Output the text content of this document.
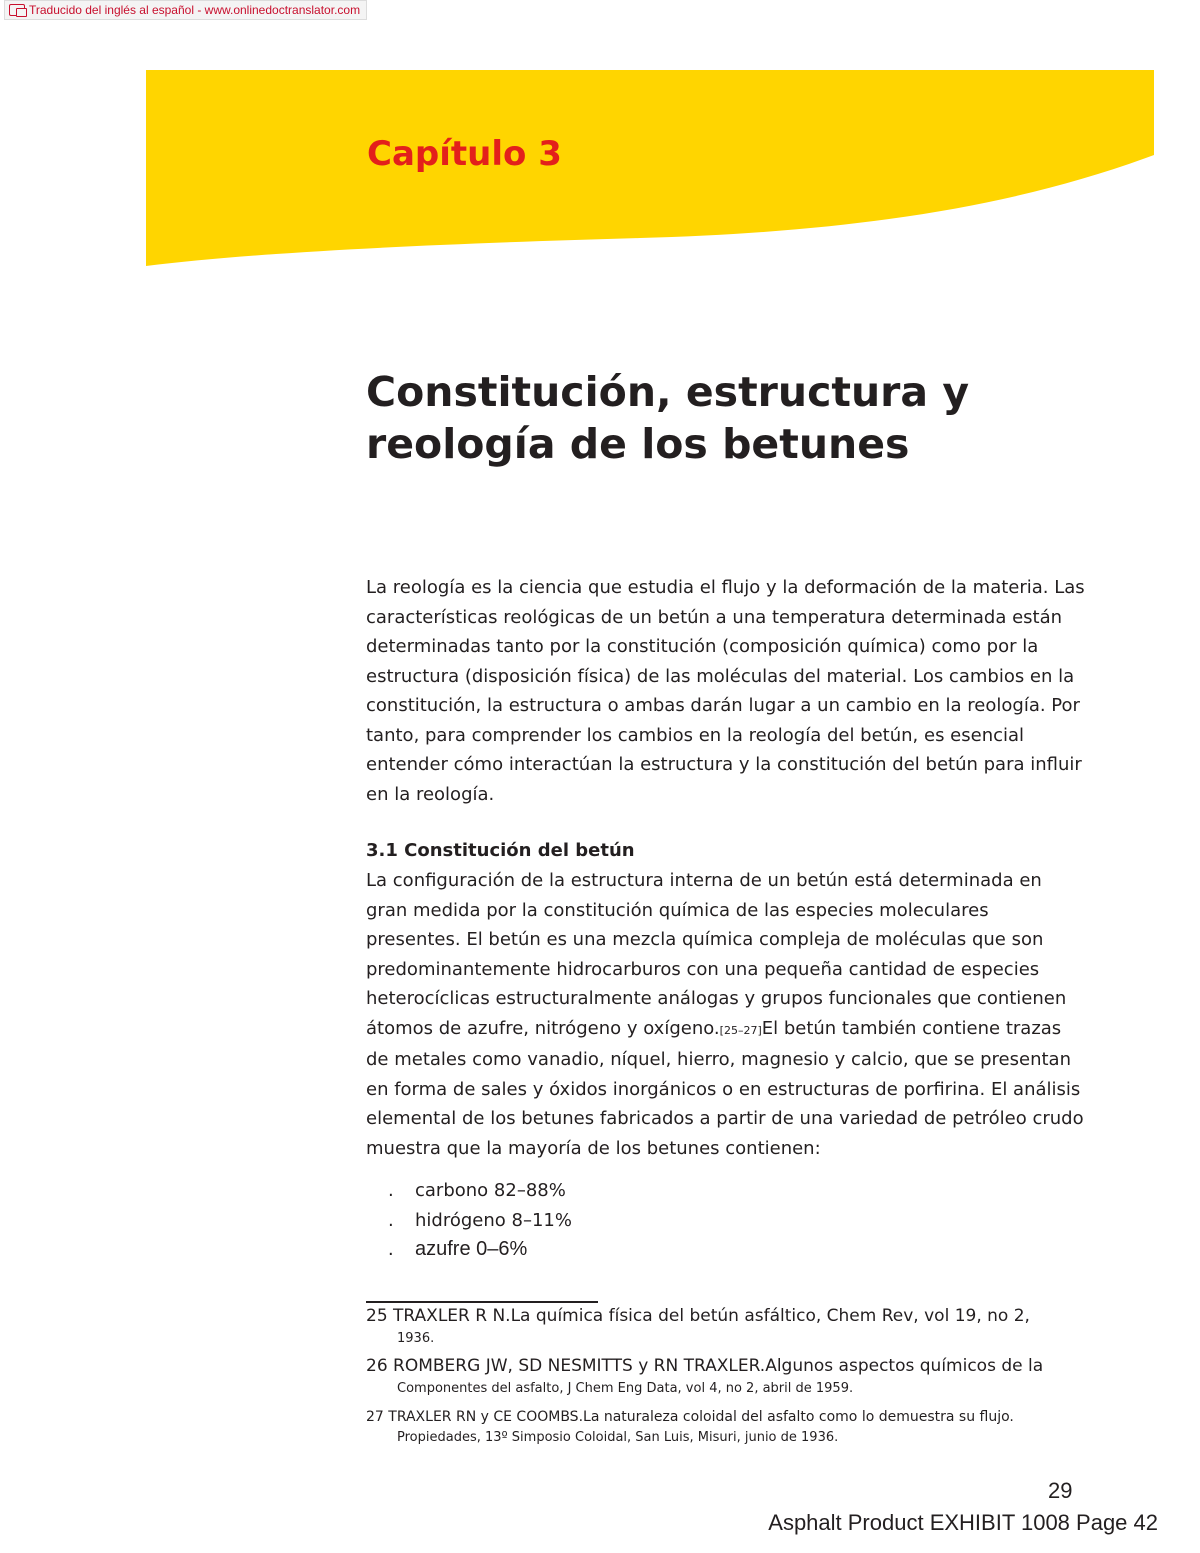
Traducido del inglés al español - www.onlinedoctranslator.com
Capítulo 3
Constitución, estructura y
reología de los betunes
La reología es la ciencia que estudia el flujo y la deformación de la materia. Las características reológicas de un betún a una temperatura determinada están determinadas tanto por la constitución (composición química) como por la estructura (disposición física) de las moléculas del material. Los cambios en la constitución, la estructura o ambas darán lugar a un cambio en la reología. Por tanto, para comprender los cambios en la reología del betún, es esencial entender cómo interactúan la estructura y la constitución del betún para influir en la reología.
3.1 Constitución del betún
La configuración de la estructura interna de un betún está determinada en gran medida por la constitución química de las especies moleculares presentes. El betún es una mezcla química compleja de moléculas que son predominantemente hidrocarburos con una pequeña cantidad de especies heterocíclicas estructuralmente análogas y grupos funcionales que contienen átomos de azufre, nitrógeno y oxígeno.[25–27]El betún también contiene trazas de metales como vanadio, níquel, hierro, magnesio y calcio, que se presentan en forma de sales y óxidos inorgánicos o en estructuras de porfirina. El análisis elemental de los betunes fabricados a partir de una variedad de petróleo crudo muestra que la mayoría de los betunes contienen:
.	carbono 82–88%
.	hidrógeno 8–11%
.	azufre 0–6%
25 TRAXLER R N.La química física del betún asfáltico, Chem Rev, vol 19, no 2,
1936.
26 ROMBERG JW, SD NESMITTS y RN TRAXLER.Algunos aspectos químicos de la
Componentes del asfalto, J Chem Eng Data, vol 4, no 2, abril de 1959.
27 TRAXLER RN y CE COOMBS.La naturaleza coloidal del asfalto como lo demuestra su flujo.
Propiedades, 13º Simposio Coloidal, San Luis, Misuri, junio de 1936.
29
Asphalt Product EXHIBIT 1008 Page 42
